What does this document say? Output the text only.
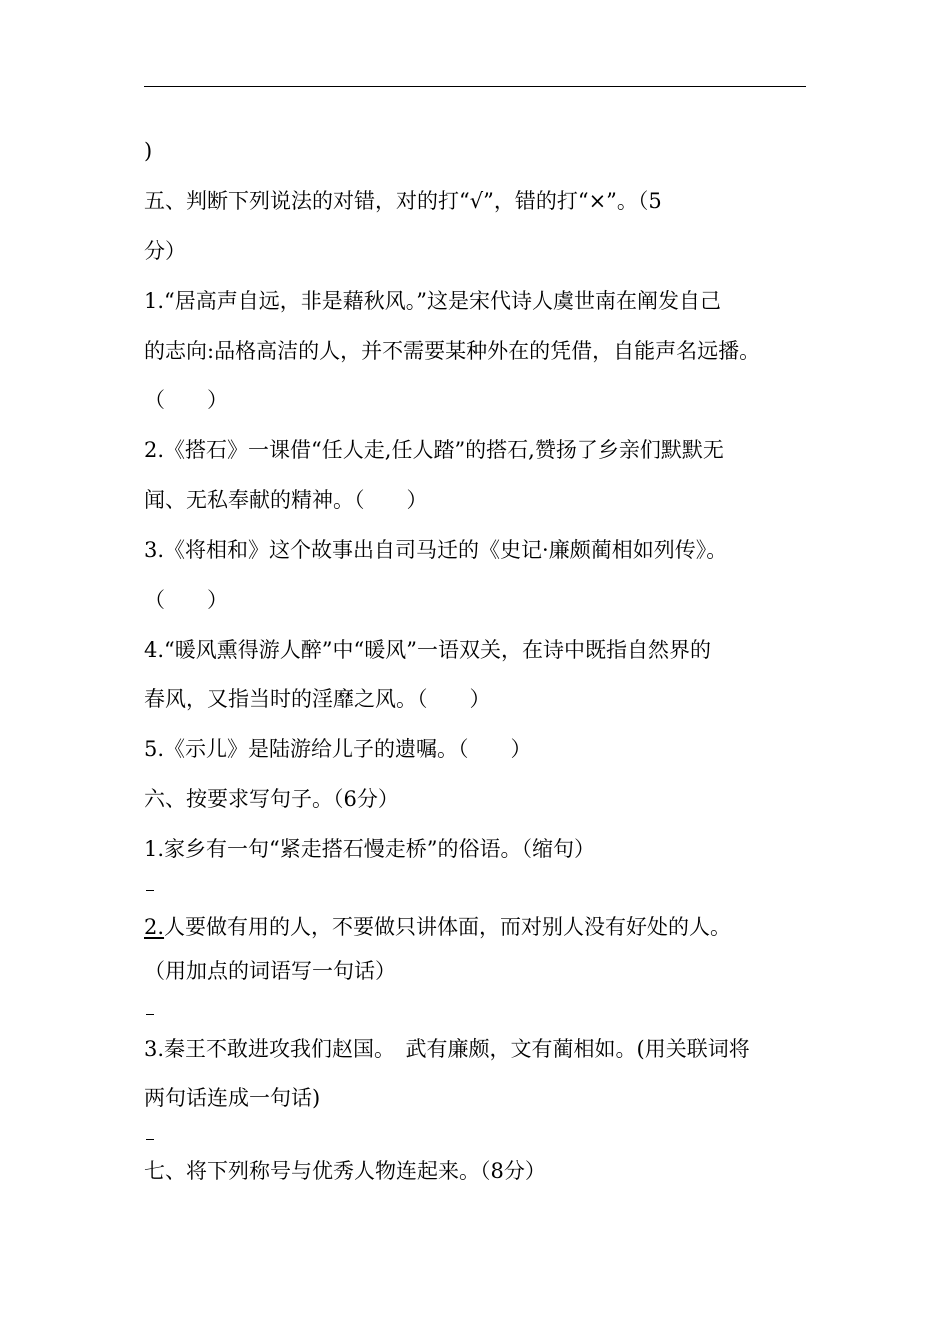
)
五、判断下列说法的对错，对的打“√”，错的打“×”。（5
分）
1.“居高声自远，非是藉秋风。”这是宋代诗人虞世南在阐发自己
的志向:品格高洁的人，并不需要某种外在的凭借，自能声名远播。
（　　）
2.《搭石》一课借“任人走,任人踏”的搭石,赞扬了乡亲们默默无
闻、无私奉献的精神。（　　）
3.《将相和》这个故事出自司马迁的《史记·廉颇蔺相如列传》。
（　　）
4.“暖风熏得游人醉”中“暖风”一语双关，在诗中既指自然界的
春风，又指当时的淫靡之风。（　　）
5.《示儿》是陆游给儿子的遗嘱。（　　）
六、按要求写句子。（6分）
1.家乡有一句“紧走搭石慢走桥”的俗语。（缩句）
2.人要做有用的人，不要做只讲体面，而对别人没有好处的人。
（用加点的词语写一句话）
3.秦王不敢进攻我们赵国。　武有廉颇，文有蔺相如。(用关联词将
两句话连成一句话)
七、将下列称号与优秀人物连起来。（8分）
